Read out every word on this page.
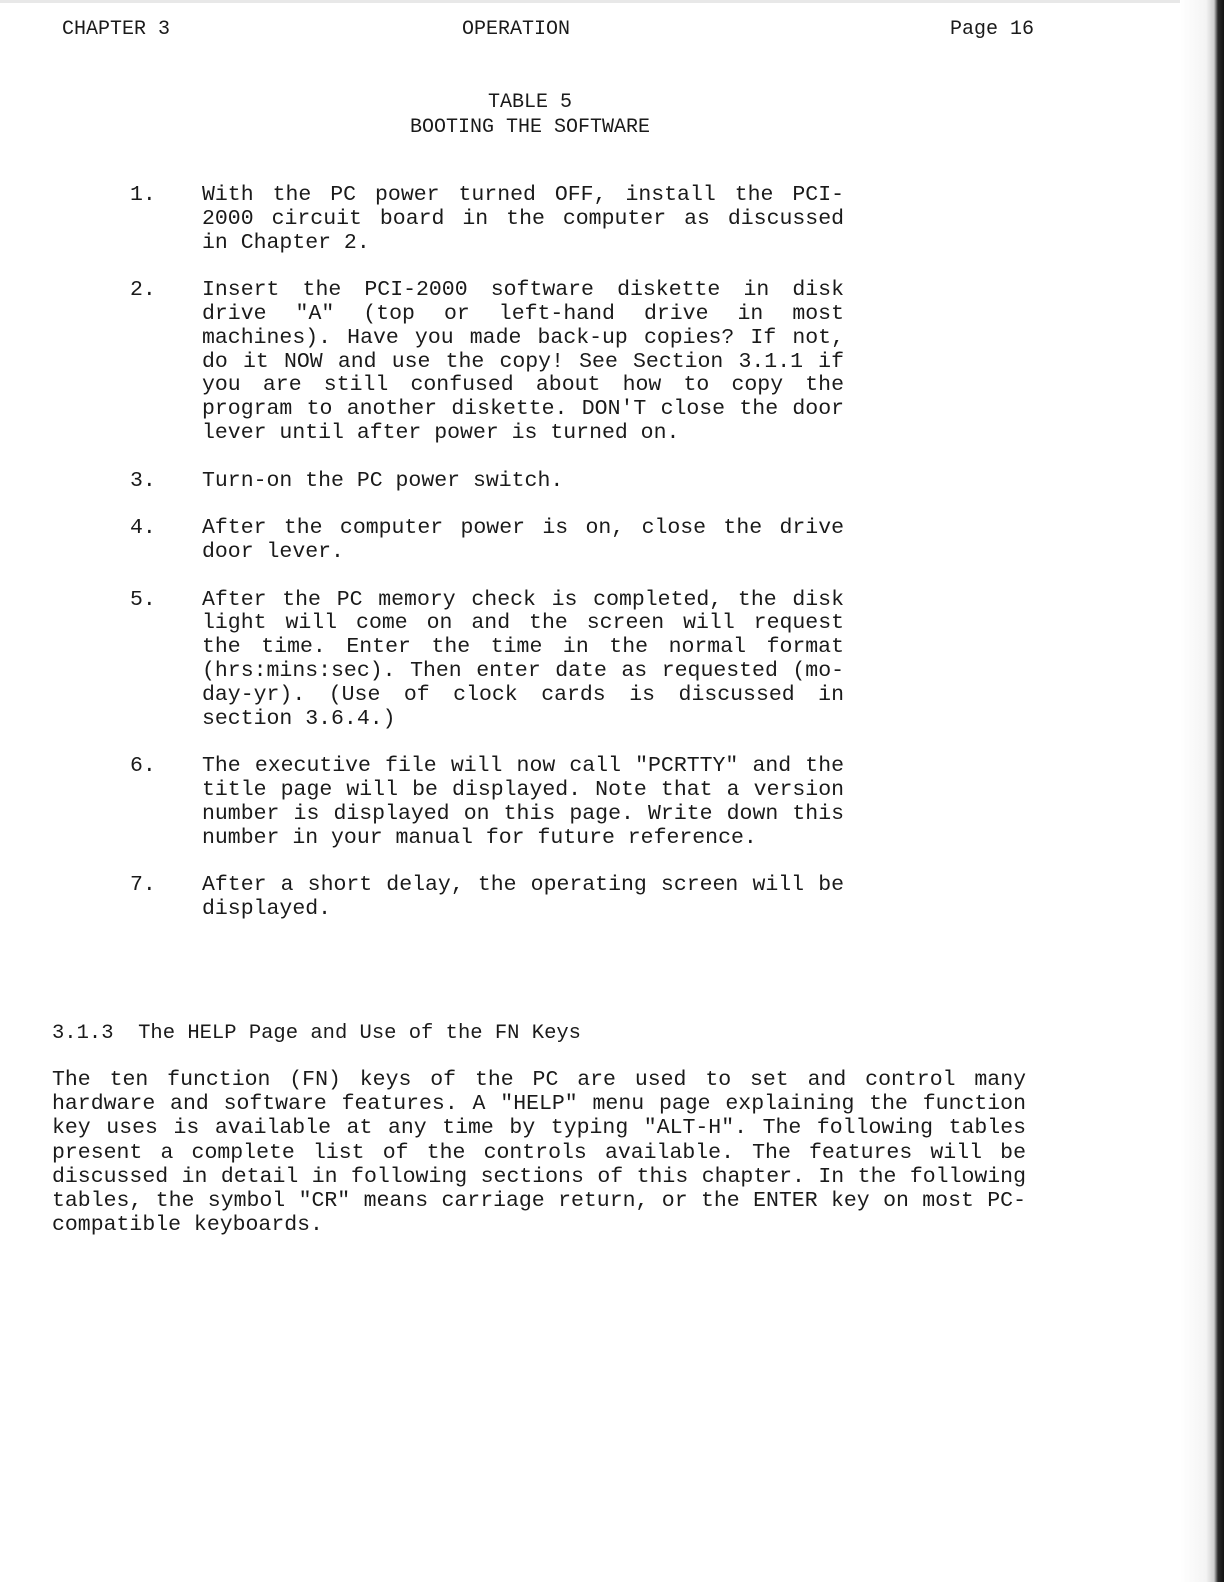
CHAPTER 3	OPERATION	Page 16
TABLE 5
BOOTING THE SOFTWARE
1.	With the PC power turned OFF, install the PCI-2000 circuit board in the computer as discussed in Chapter 2.
2.	Insert the PCI-2000 software diskette in disk drive "A" (top or left-hand drive in most machines). Have you made back-up copies? If not, do it NOW and use the copy! See Section 3.1.1 if you are still confused about how to copy the program to another diskette. DON'T close the door lever until after power is turned on.
3.	Turn-on the PC power switch.
4.	After the computer power is on, close the drive door lever.
5.	After the PC memory check is completed, the disk light will come on and the screen will request the time. Enter the time in the normal format (hrs:mins:sec). Then enter date as requested (mo-day-yr). (Use of clock cards is discussed in section 3.6.4.)
6.	The executive file will now call "PCRTTY" and the title page will be displayed. Note that a version number is displayed on this page. Write down this number in your manual for future reference.
7.	After a short delay, the operating screen will be displayed.
3.1.3  The HELP Page and Use of the FN Keys
The ten function (FN) keys of the PC are used to set and control many hardware and software features. A "HELP" menu page explaining the function key uses is available at any time by typing "ALT-H". The following tables present a complete list of the controls available. The features will be discussed in detail in following sections of this chapter. In the following tables, the symbol "CR" means carriage return, or the ENTER key on most PC-compatible keyboards.
